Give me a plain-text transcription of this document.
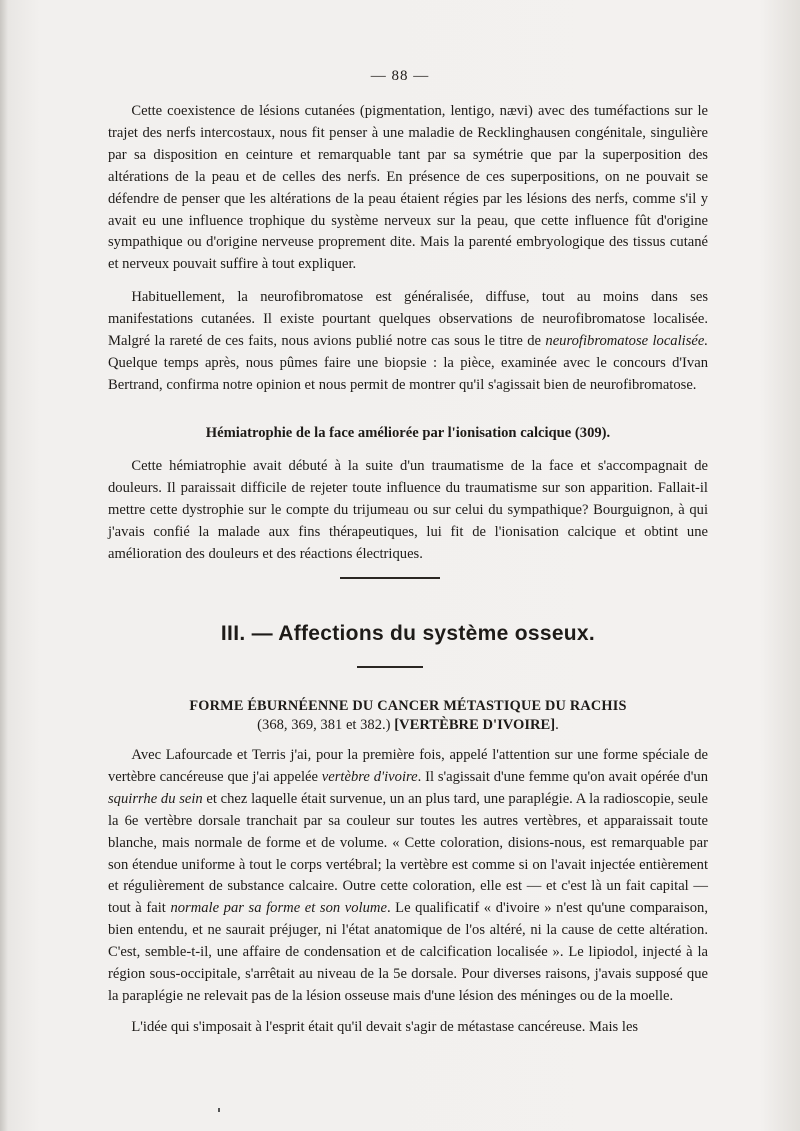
— 88 —

Cette coexistence de lésions cutanées (pigmentation, lentigo, nævi) avec des tuméfactions sur le trajet des nerfs intercostaux, nous fit penser à une maladie de Recklinghausen congénitale, singulière par sa disposition en ceinture et remarquable tant par sa symétrie que par la superposition des altérations de la peau et de celles des nerfs. En présence de ces superpositions, on ne pouvait se défendre de penser que les altérations de la peau étaient régies par les lésions des nerfs, comme s'il y avait eu une influence trophique du système nerveux sur la peau, que cette influence fût d'origine sympathique ou d'origine nerveuse proprement dite. Mais la parenté embryologique des tissus cutané et nerveux pouvait suffire à tout expliquer.

Habituellement, la neurofibromatose est généralisée, diffuse, tout au moins dans ses manifestations cutanées. Il existe pourtant quelques observations de neurofibromatose localisée. Malgré la rareté de ces faits, nous avions publié notre cas sous le titre de neurofibromatose localisée. Quelque temps après, nous pûmes faire une biopsie : la pièce, examinée avec le concours d'Ivan Bertrand, confirma notre opinion et nous permit de montrer qu'il s'agissait bien de neurofibromatose.

Hémiatrophie de la face améliorée par l'ionisation calcique (309).

Cette hémiatrophie avait débuté à la suite d'un traumatisme de la face et s'accompagnait de douleurs. Il paraissait difficile de rejeter toute influence du traumatisme sur son apparition. Fallait-il mettre cette dystrophie sur le compte du trijumeau ou sur celui du sympathique? Bourguignon, à qui j'avais confié la malade aux fins thérapeutiques, lui fit de l'ionisation calcique et obtint une amélioration des douleurs et des réactions électriques.

III. — Affections du système osseux.
FORME ÉBURNÉENNE DU CANCER MÉTASTIQUE DU RACHIS
(368, 369, 381 et 382.) [VERTÈBRE D'IVOIRE].

Avec Lafourcade et Terris j'ai, pour la première fois, appelé l'attention sur une forme spéciale de vertèbre cancéreuse que j'ai appelée vertèbre d'ivoire. Il s'agissait d'une femme qu'on avait opérée d'un squirrhe du sein et chez laquelle était survenue, un an plus tard, une paraplégie. A la radioscopie, seule la 6e vertèbre dorsale tranchait par sa couleur sur toutes les autres vertèbres, et apparaissait toute blanche, mais normale de forme et de volume. « Cette coloration, disions-nous, est remarquable par son étendue uniforme à tout le corps vertébral; la vertèbre est comme si on l'avait injectée entièrement et régulièrement de substance calcaire. Outre cette coloration, elle est — et c'est là un fait capital — tout à fait normale par sa forme et son volume. Le qualificatif « d'ivoire » n'est qu'une comparaison, bien entendu, et ne saurait préjuger, ni l'état anatomique de l'os altéré, ni la cause de cette altération. C'est, semble-t-il, une affaire de condensation et de calcification localisée ». Le lipiodol, injecté à la région sous-occipitale, s'arrêtait au niveau de la 5e dorsale. Pour diverses raisons, j'avais supposé que la paraplégie ne relevait pas de la lésion osseuse mais d'une lésion des méninges ou de la moelle.

L'idée qui s'imposait à l'esprit était qu'il devait s'agir de métastase cancéreuse. Mais les
